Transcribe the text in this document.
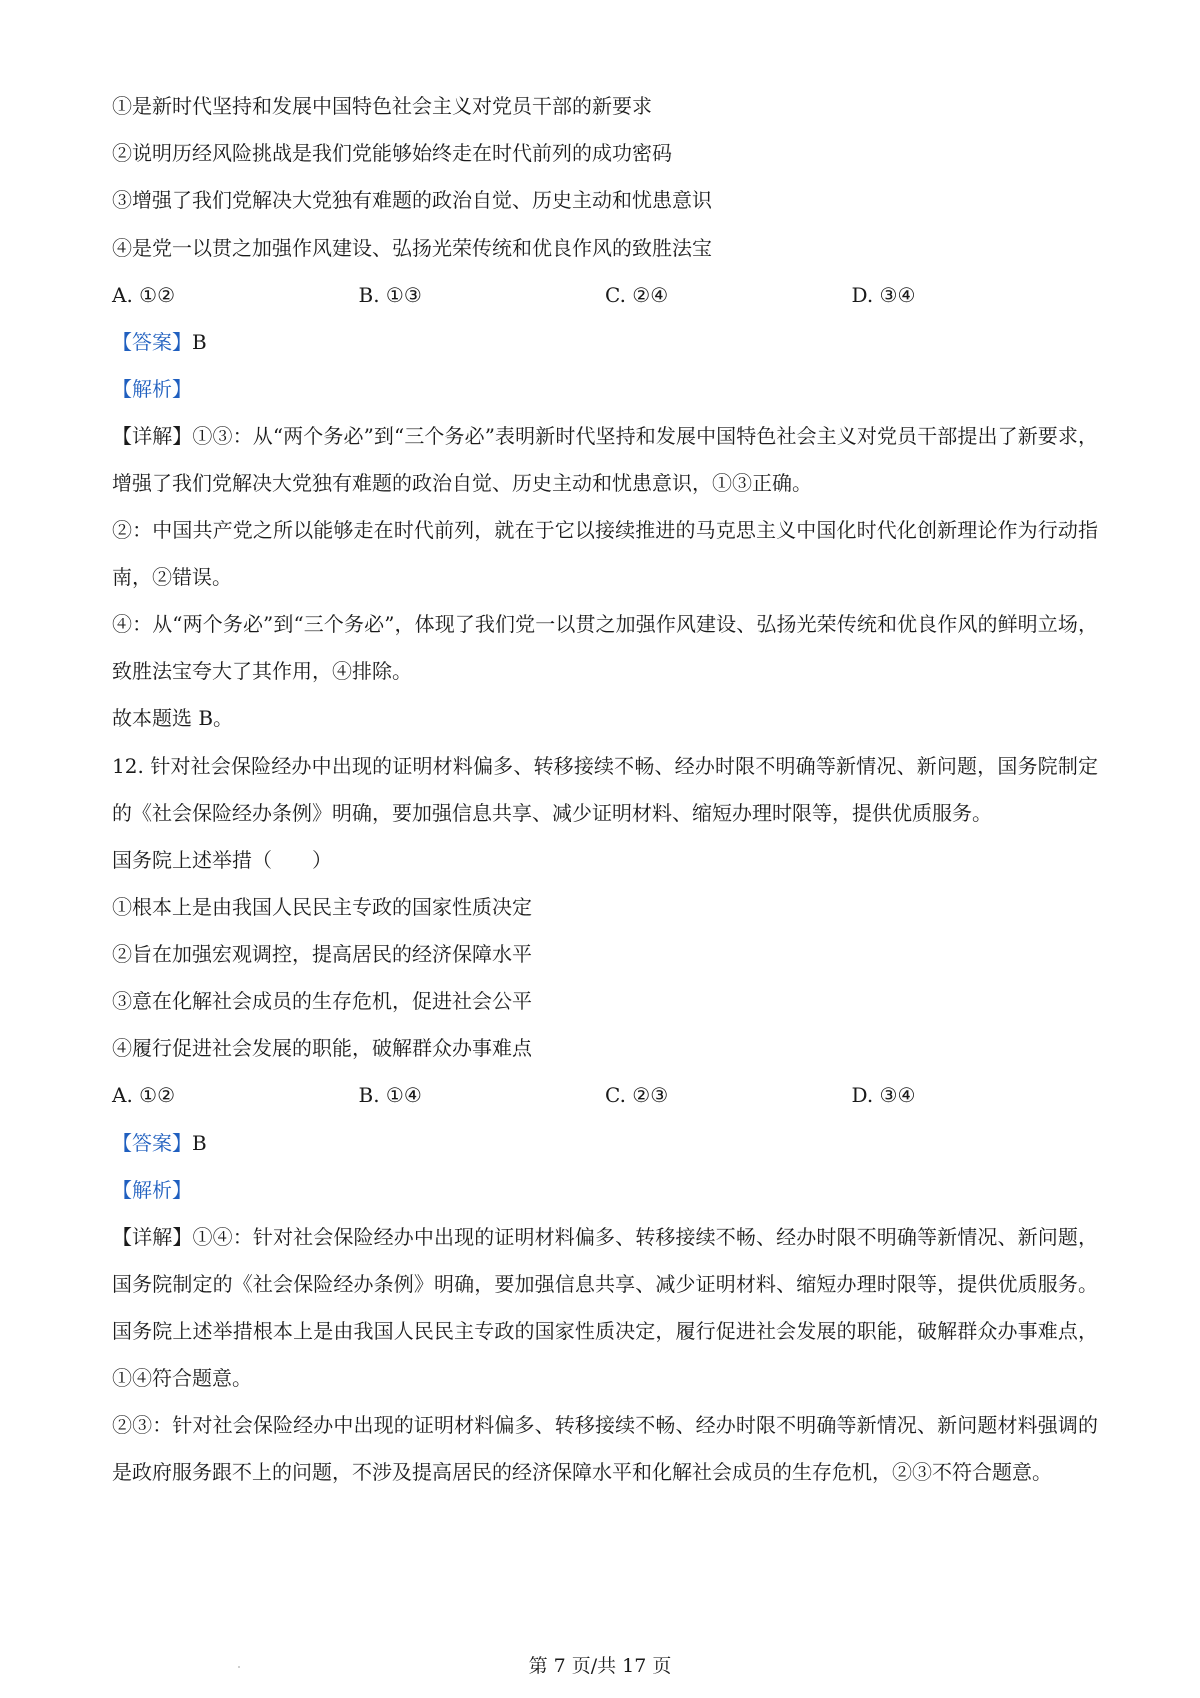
①是新时代坚持和发展中国特色社会主义对党员干部的新要求
②说明历经风险挑战是我们党能够始终走在时代前列的成功密码
③增强了我们党解决大党独有难题的政治自觉、历史主动和忧患意识
④是党一以贯之加强作风建设、弘扬光荣传统和优良作风的致胜法宝
A. ①②	B. ①③	C. ②④	D. ③④
【答案】B
【解析】
【详解】①③：从“两个务必”到“三个务必”表明新时代坚持和发展中国特色社会主义对党员干部提出了新要求，增强了我们党解决大党独有难题的政治自觉、历史主动和忧患意识，①③正确。
②：中国共产党之所以能够走在时代前列，就在于它以接续推进的马克思主义中国化时代化创新理论作为行动指南，②错误。
④：从“两个务必”到“三个务必”，体现了我们党一以贯之加强作风建设、弘扬光荣传统和优良作风的鲜明立场，致胜法宝夸大了其作用，④排除。
故本题选 B。
12. 针对社会保险经办中出现的证明材料偏多、转移接续不畅、经办时限不明确等新情况、新问题，国务院制定的《社会保险经办条例》明确，要加强信息共享、减少证明材料、缩短办理时限等，提供优质服务。
国务院上述举措（　　）
①根本上是由我国人民民主专政的国家性质决定
②旨在加强宏观调控，提高居民的经济保障水平
③意在化解社会成员的生存危机，促进社会公平
④履行促进社会发展的职能，破解群众办事难点
A. ①②	B. ①④	C. ②③	D. ③④
【答案】B
【解析】
【详解】①④：针对社会保险经办中出现的证明材料偏多、转移接续不畅、经办时限不明确等新情况、新问题，国务院制定的《社会保险经办条例》明确，要加强信息共享、减少证明材料、缩短办理时限等，提供优质服务。国务院上述举措根本上是由我国人民民主专政的国家性质决定，履行促进社会发展的职能，破解群众办事难点，①④符合题意。
②③：针对社会保险经办中出现的证明材料偏多、转移接续不畅、经办时限不明确等新情况、新问题材料强调的是政府服务跟不上的问题，不涉及提高居民的经济保障水平和化解社会成员的生存危机，②③不符合题意。
第 7 页/共 17 页
